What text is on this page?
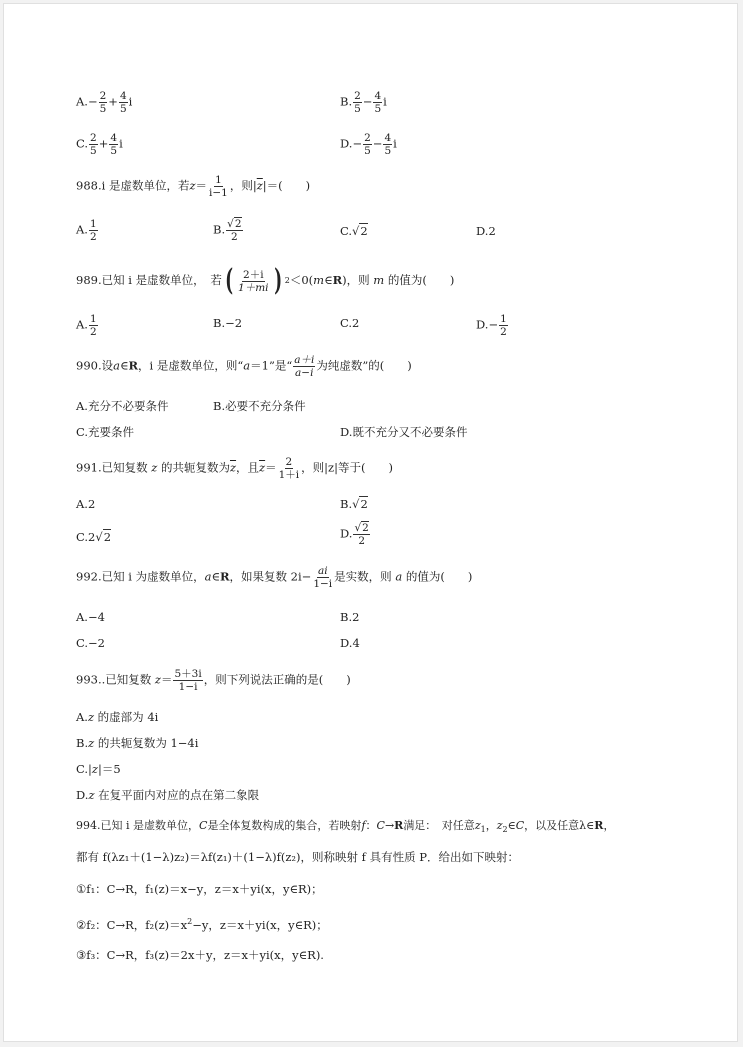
$A.- \frac{2}{5} + \frac{4}{5}$ i	B. $\frac{2}{5} - \frac{4}{5}$ i
C. $\frac{2}{5} + \frac{4}{5}$ i	$D.- \frac{2}{5} - \frac{4}{5}$ i
988.i 是虚数单位，若$z= \frac{1}{i-1}$ ，则$|\overline{z}|=$(　　)
A. $\frac{1}{2}$	B. $\frac{√2}{2}$	C.√2	D.2
989.已知 i 是虚数单位，　若 ( $\frac{2+i}{1+mi}$ ) 2 ＜0(m∈R)，则 m 的值为(　　)
A. $\frac{1}{2}$	B.−2	C.2	$D.- \frac{1}{2}$
990.设a∈R，i 是虚数单位，则“a＝1”是“ $\frac{a+i}{a-i}$ 为纯虚数”的(　　)
A.充分不必要条件	B.必要不充分条件
C.充要条件	D.既不充分又不必要条件
991.已知复数 z 的共轭复数为$\overline{z}$，且$\overline{z}= \frac{2}{1+i}$ ，则|z|等于(　　)
A.2	B.√2
C.2√2	D. $\frac{√2}{2}$
992.已知 i 为虚数单位，a∈R，如果复数 $2i- \frac{ai}{1-i}$ 是实数，则 a 的值为(　　)
A.−4	B.2
C.−2	D.4
993..已知复数 $z= \frac{5+3i}{1-i}$ ，则下列说法正确的是(　　)
A.z 的虚部为 4i
B.z 的共轭复数为 1−4i
C.|z|＝5
D.z 在复平面内对应的点在第二象限
994.已知 i 是虚数单位，C是全体复数构成的集合，若映射f：C→R满足：　对任意$z_1$，$z_2\in C$，以及任意λ∈R，
都有 f(λz₁＋(1−λ)z₂)＝λf(z₁)＋(1−λ)f(z₂)，则称映射 f 具有性质 P．给出如下映射：
①f₁：C→R，f₁(z)＝x−y，z＝x＋yi(x，y∈R)；
②f₂：C→R，$f_2(z)=x^2-y$，z＝x＋yi(x，y∈R)；
③f₃：C→R，f₃(z)＝2x＋y，z＝x＋yi(x，y∈R).
